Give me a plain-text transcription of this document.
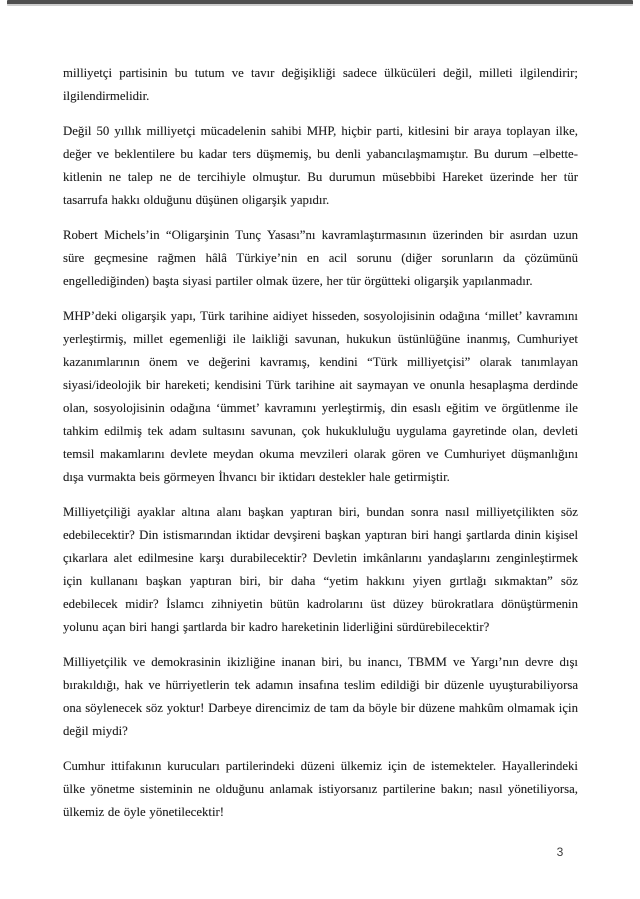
milliyetçi partisinin bu tutum ve tavır değişikliği sadece ülkücüleri değil, milleti ilgilendirir; ilgilendirmelidir.

Değil 50 yıllık milliyetçi mücadelenin sahibi MHP, hiçbir parti, kitlesini bir araya toplayan ilke, değer ve beklentilere bu kadar ters düşmemiş, bu denli yabancılaşmamıştır. Bu durum –elbette- kitlenin ne talep ne de tercihiyle olmuştur. Bu durumun müsebbibi Hareket üzerinde her tür tasarrufa hakkı olduğunu düşünen oligarşik yapıdır.

Robert Michels’in “Oligarşinin Tunç Yasası”nı kavramlaştırmasının üzerinden bir asırdan uzun süre geçmesine rağmen hâlâ Türkiye’nin en acil sorunu (diğer sorunların da çözümünü engellediğinden) başta siyasi partiler olmak üzere, her tür örgütteki oligarşik yapılanmadır.

MHP’deki oligarşik yapı, Türk tarihine aidiyet hisseden, sosyolojisinin odağına ‘millet’ kavramını yerleştirmiş, millet egemenliği ile laikliği savunan, hukukun üstünlüğüne inanmış, Cumhuriyet kazanımlarının önem ve değerini kavramış, kendini “Türk milliyetçisi” olarak tanımlayan siyasi/ideolojik bir hareketi; kendisini Türk tarihine ait saymayan ve onunla hesaplaşma derdinde olan, sosyolojisinin odağına ‘ümmet’ kavramını yerleştirmiş, din esaslı eğitim ve örgütlenme ile tahkim edilmiş tek adam sultasını savunan, çok hukukluluğu uygulama gayretinde olan, devleti temsil makamlarını devlete meydan okuma mevzileri olarak gören ve Cumhuriyet düşmanlığını dışa vurmakta beis görmeyen İhvancı bir iktidarı destekler hale getirmiştir.

Milliyetçiliği ayaklar altına alanı başkan yaptıran biri, bundan sonra nasıl milliyetçilikten söz edebilecektir? Din istismarından iktidar devşireni başkan yaptıran biri hangi şartlarda dinin kişisel çıkarlara alet edilmesine karşı durabilecektir? Devletin imkânlarını yandaşlarını zenginleştirmek için kullananı başkan yaptıran biri, bir daha “yetim hakkını yiyen gırtlağı sıkmaktan” söz edebilecek midir? İslamcı zihniyetin bütün kadrolarını üst düzey bürokratlara dönüştürmenin yolunu açan biri hangi şartlarda bir kadro hareketinin liderliğini sürdürebilecektir?

Milliyetçilik ve demokrasinin ikizliğine inanan biri, bu inancı, TBMM ve Yargı’nın devre dışı bırakıldığı, hak ve hürriyetlerin tek adamın insafına teslim edildiği bir düzenle uyuşturabiliyorsa ona söylenecek söz yoktur! Darbeye direncimiz de tam da böyle bir düzene mahkûm olmamak için değil miydi?

Cumhur ittifakının kurucuları partilerindeki düzeni ülkemiz için de istemekteler. Hayallerindeki ülke yönetme sisteminin ne olduğunu anlamak istiyorsanız partilerine bakın; nasıl yönetiliyorsa, ülkemiz de öyle yönetilecektir!

3
